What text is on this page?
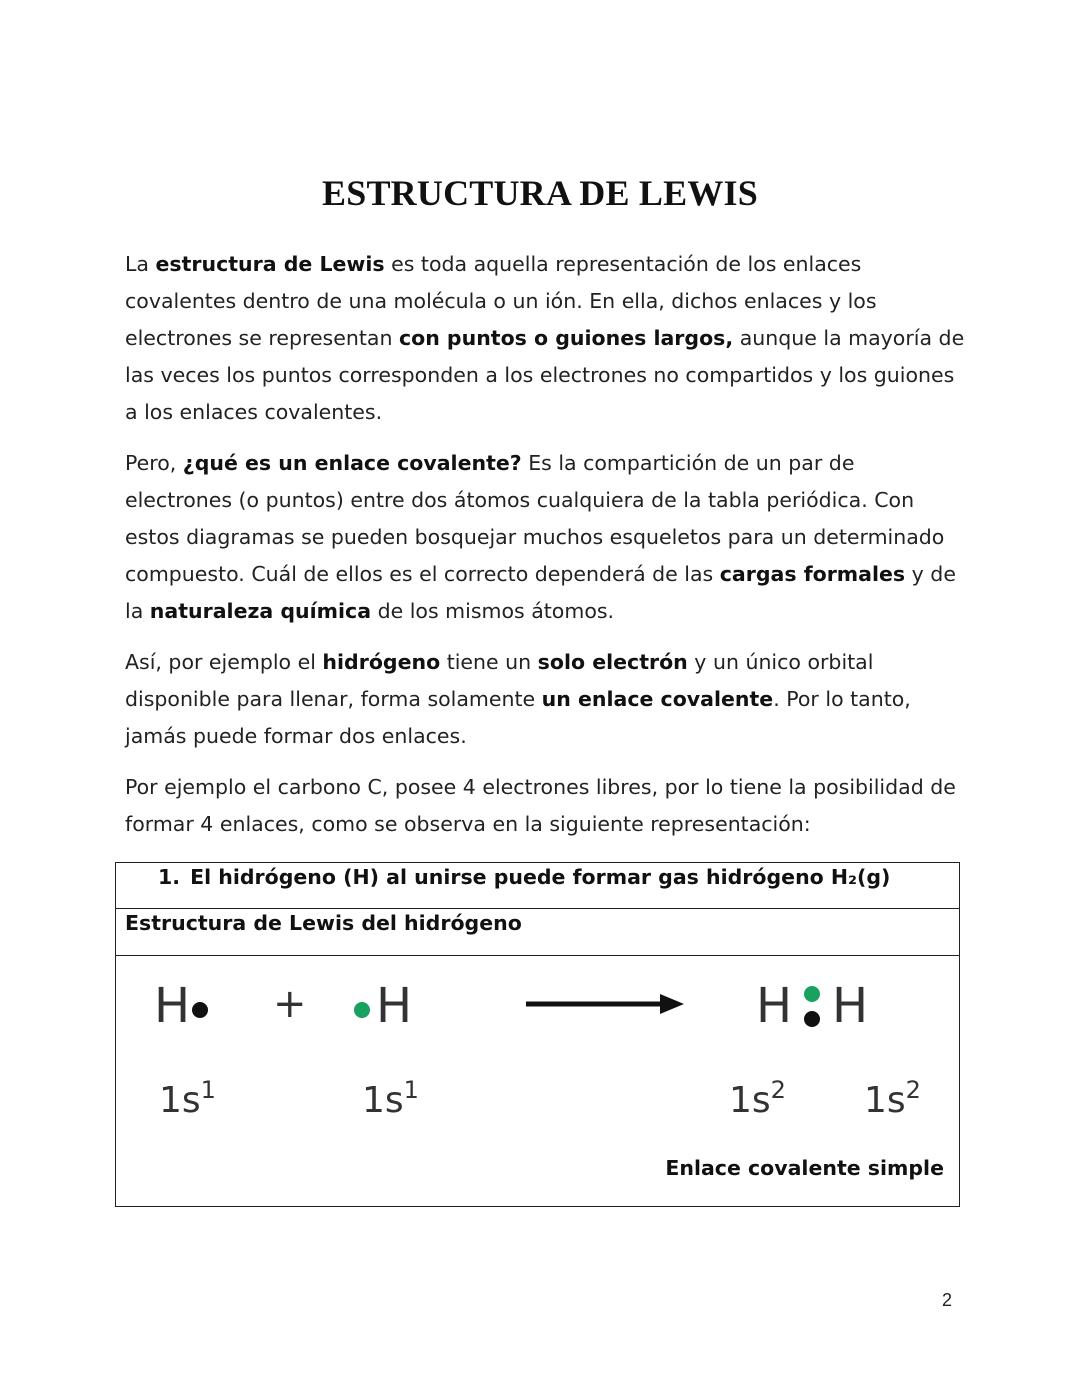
ESTRUCTURA DE LEWIS

La estructura de Lewis es toda aquella representación de los enlaces covalentes dentro de una molécula o un ión. En ella, dichos enlaces y los electrones se representan con puntos o guiones largos, aunque la mayoría de las veces los puntos corresponden a los electrones no compartidos y los guiones a los enlaces covalentes.

Pero, ¿qué es un enlace covalente? Es la compartición de un par de electrones (o puntos) entre dos átomos cualquiera de la tabla periódica. Con estos diagramas se pueden bosquejar muchos esqueletos para un determinado compuesto. Cuál de ellos es el correcto dependerá de las cargas formales y de la naturaleza química de los mismos átomos.

Así, por ejemplo el hidrógeno tiene un solo electrón y un único orbital disponible para llenar, forma solamente un enlace covalente. Por lo tanto, jamás puede formar dos enlaces.

Por ejemplo el carbono C, posee 4 electrones libres, por lo tiene la posibilidad de formar 4 enlaces, como se observa en la siguiente representación:

1. El hidrógeno (H) al unirse puede formar gas hidrógeno H₂(g)
Estructura de Lewis del hidrógeno
H + H	H H
$1s^1$	$1s^1$	$1s^2$ $1s^2$
Enlace covalente simple
2
